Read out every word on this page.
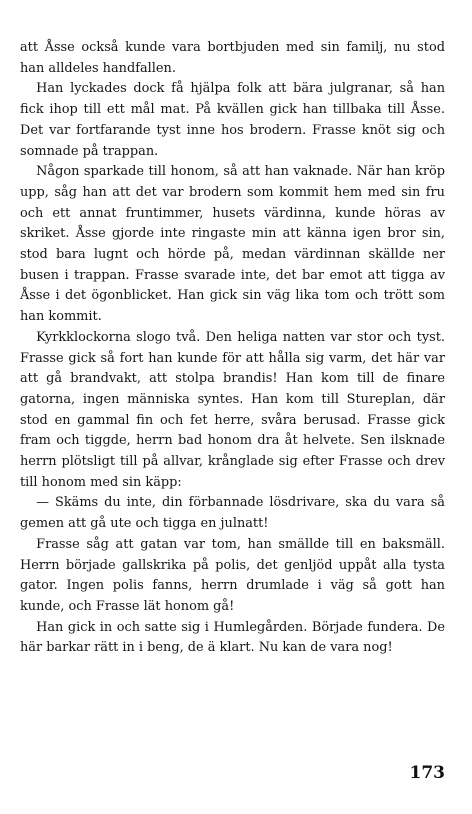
att Åsse också kunde vara bortbjuden med sin familj, nu stod han alldeles handfallen.

Han lyckades dock få hjälpa folk att bära julgranar, så han fick ihop till ett mål mat. På kvällen gick han tillbaka till Åsse. Det var fortfarande tyst inne hos brodern. Frasse knöt sig och somnade på trappan.

Någon sparkade till honom, så att han vaknade. När han kröp upp, såg han att det var brodern som kommit hem med sin fru och ett annat fruntimmer, husets värdinna, kunde höras av skriket. Åsse gjorde inte ringaste min att känna igen bror sin, stod bara lugnt och hörde på, medan värdinnan skällde ner busen i trappan. Frasse svarade inte, det bar emot att tigga av Åsse i det ögonblicket. Han gick sin väg lika tom och trött som han kommit.

Kyrkklockorna slogo två. Den heliga natten var stor och tyst. Frasse gick så fort han kunde för att hålla sig varm, det här var att gå brandvakt, att stolpa brandis! Han kom till de finare gatorna, ingen människa syntes. Han kom till Stureplan, där stod en gammal fin och fet herre, svåra berusad. Frasse gick fram och tiggde, herrn bad honom dra åt helvete. Sen ilsknade herrn plötsligt till på allvar, krånglade sig efter Frasse och drev till honom med sin käpp:

— Skäms du inte, din förbannade lösdrivare, ska du vara så gemen att gå ute och tigga en julnatt!

Frasse såg att gatan var tom, han smällde till en baksmäll. Herrn började gallskrika på polis, det genljöd uppåt alla tysta gator. Ingen polis fanns, herrn drumlade i väg så gott han kunde, och Frasse lät honom gå!

Han gick in och satte sig i Humlegården. Började fundera. De här barkar rätt in i beng, de ä klart. Nu kan de vara nog!

173
